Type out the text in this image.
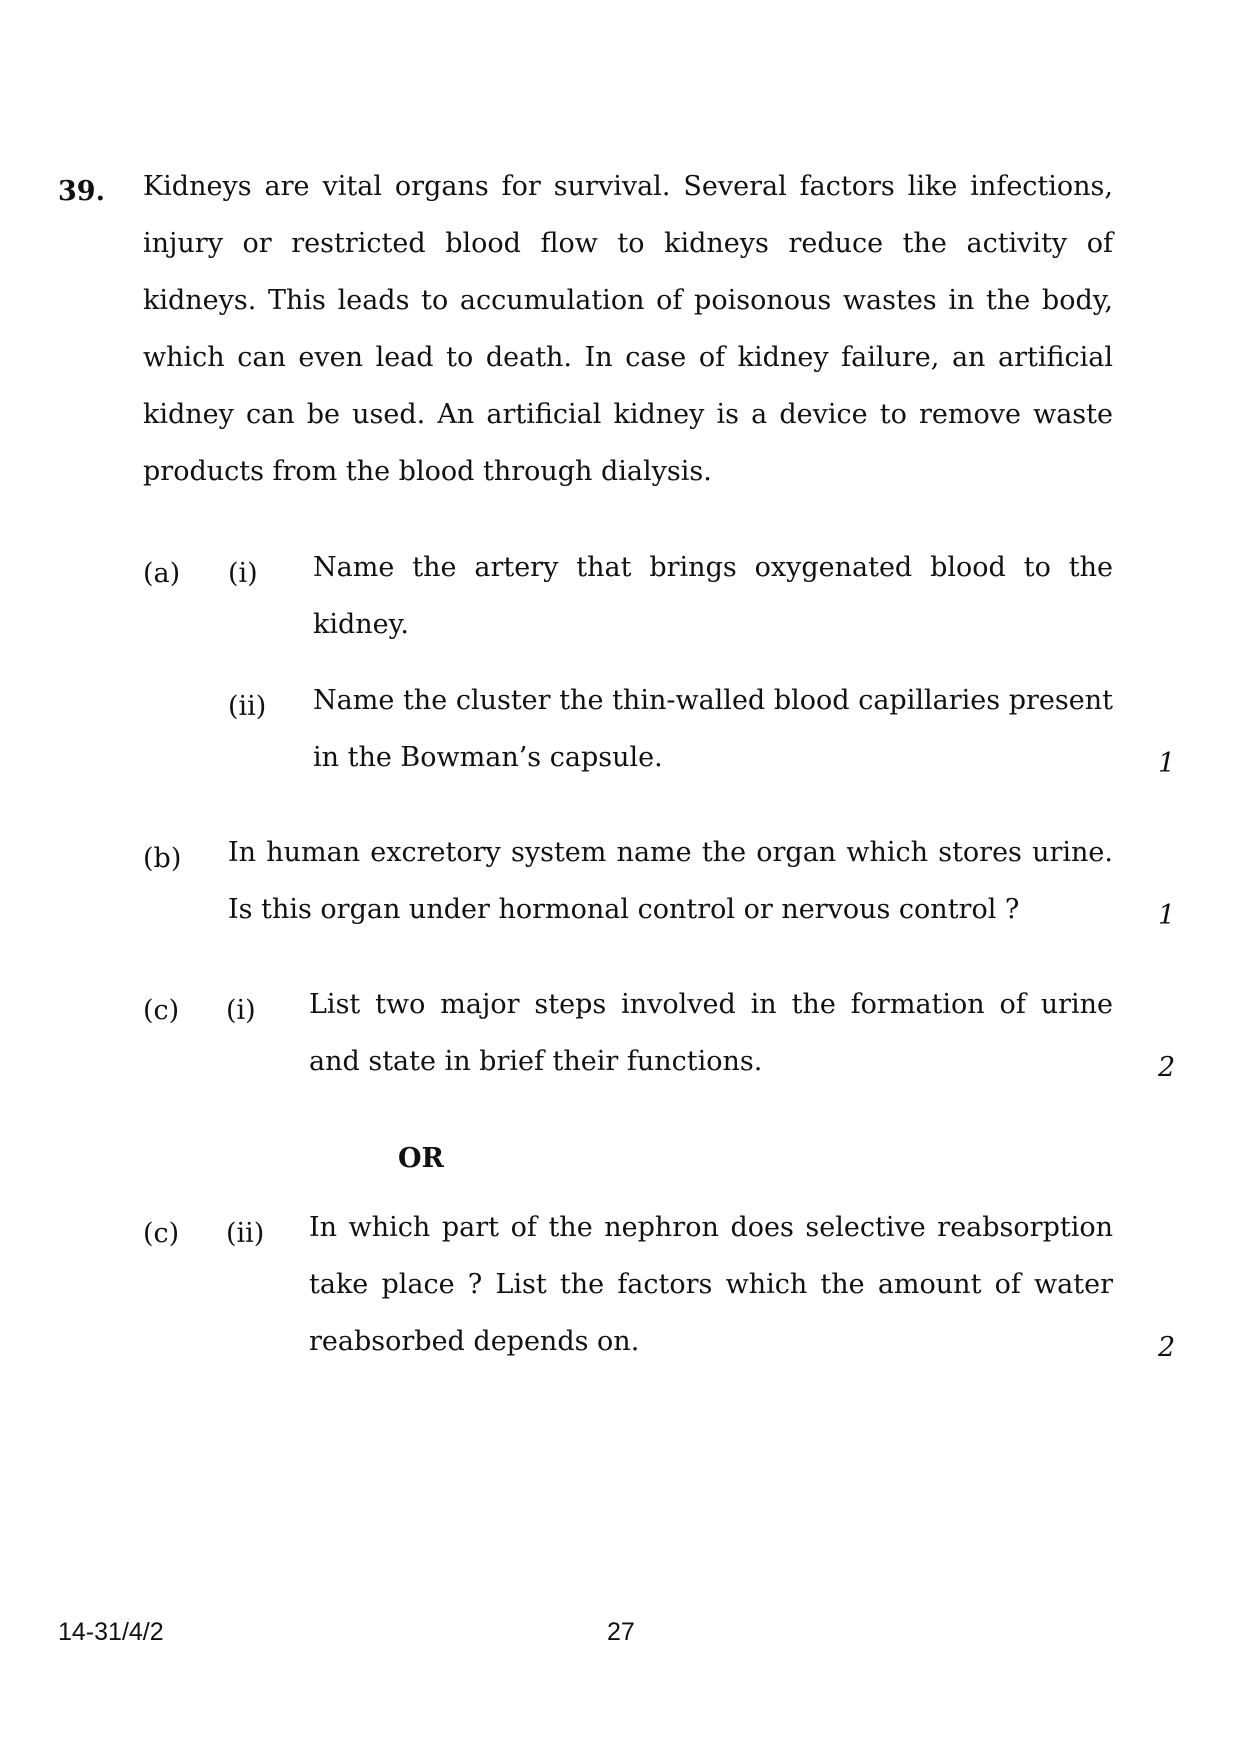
39. Kidneys are vital organs for survival. Several factors like infections, injury or restricted blood flow to kidneys reduce the activity of kidneys. This leads to accumulation of poisonous wastes in the body, which can even lead to death. In case of kidney failure, an artificial kidney can be used. An artificial kidney is a device to remove waste products from the blood through dialysis.
(a) (i) Name the artery that brings oxygenated blood to the kidney.
(ii) Name the cluster the thin-walled blood capillaries present in the Bowman’s capsule.	1
(b) In human excretory system name the organ which stores urine. Is this organ under hormonal control or nervous control ?	1
(c) (i) List two major steps involved in the formation of urine and state in brief their functions.	2
OR
(c) (ii) In which part of the nephron does selective reabsorption take place ? List the factors which the amount of water reabsorbed depends on.	2
14-31/4/2	27
